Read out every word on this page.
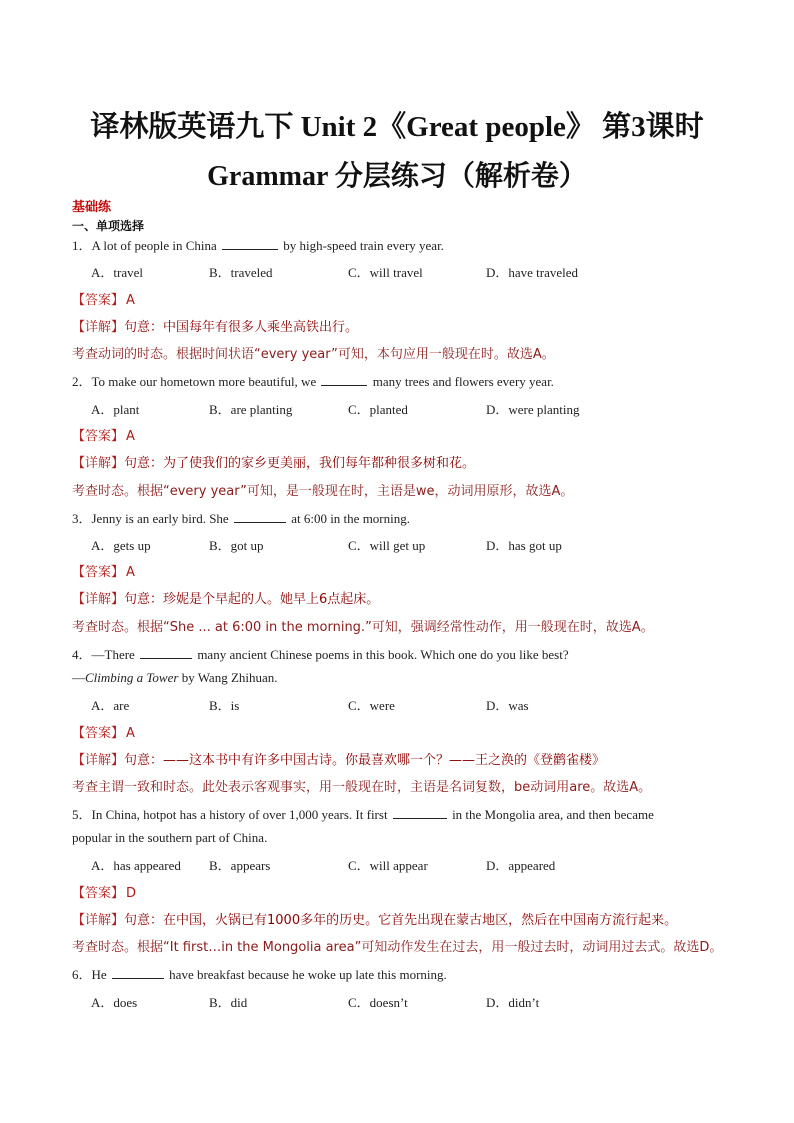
译林版英语九下 Unit 2《Great people》 第3课时
Grammar 分层练习（解析卷）
基础练
一、单项选择
1．A lot of people in China	by high-speed train every year.
A．travel	B．traveled	C．will travel	D．have traveled
【答案】 A
【详解】句意：中国每年有很多人乘坐高铁出行。
考查动词的时态。根据时间状语“every year”可知，本句应用一般现在时。故选A。
2．To make our hometown more beautiful, we	many trees and flowers every year.
A．plant	B．are planting	C．planted	D．were planting
【答案】 A
【详解】句意：为了使我们的家乡更美丽，我们每年都种很多树和花。
考查时态。根据“every year”可知，是一般现在时，主语是we，动词用原形，故选A。
3．Jenny is an early bird. She	at 6:00 in the morning.
A．gets up	B．got up	C．will get up	D．has got up
【答案】 A
【详解】句意：珍妮是个早起的人。她早上6点起床。
考查时态。根据“She ... at 6:00 in the morning.”可知，强调经常性动作，用一般现在时，故选A。
4．—There	many ancient Chinese poems in this book. Which one do you like best?
—Climbing a Tower by Wang Zhihuan.
A．are	B．is	C．were	D．was
【答案】 A
【详解】句意：——这本书中有许多中国古诗。你最喜欢哪一个？——王之涣的《登鹳雀楼》
考查主谓一致和时态。此处表示客观事实，用一般现在时，主语是名词复数，be动词用are。故选A。
5．In China, hotpot has a history of over 1,000 years. It first	in the Mongolia area, and then became
popular in the southern part of China.
A．has appeared B．appears	C．will appear	D．appeared
【答案】 D
【详解】句意：在中国，火锅已有1000多年的历史。它首先出现在蒙古地区，然后在中国南方流行起来。
考查时态。根据“It first…in the Mongolia area”可知动作发生在过去，用一般过去时，动词用过去式。故选D。
6．He	have breakfast because he woke up late this morning.
A．does	B．did	C．doesn’t	D．didn’t
